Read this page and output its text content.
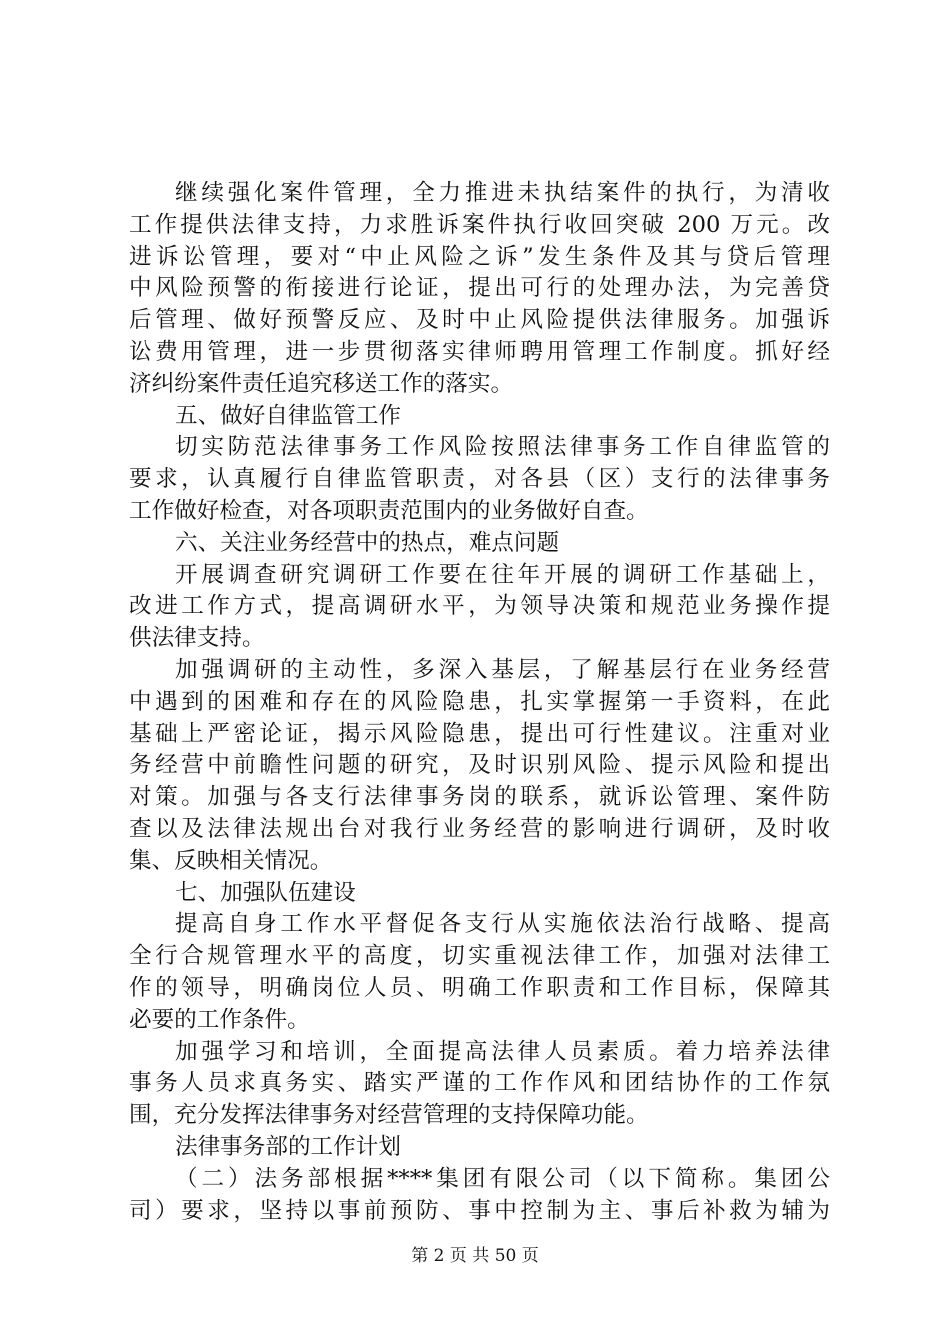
继续强化案件管理，全力推进未执结案件的执行，为清收
工作提供法律支持，力求胜诉案件执行收回突破 200 万元。改
进诉讼管理，要对“中止风险之诉”发生条件及其与贷后管理
中风险预警的衔接进行论证，提出可行的处理办法，为完善贷
后管理、做好预警反应、及时中止风险提供法律服务。加强诉
讼费用管理，进一步贯彻落实律师聘用管理工作制度。抓好经
济纠纷案件责任追究移送工作的落实。
五、做好自律监管工作
切实防范法律事务工作风险按照法律事务工作自律监管的
要求，认真履行自律监管职责，对各县（区）支行的法律事务
工作做好检查，对各项职责范围内的业务做好自查。
六、关注业务经营中的热点，难点问题
开展调查研究调研工作要在往年开展的调研工作基础上，
改进工作方式，提高调研水平，为领导决策和规范业务操作提
供法律支持。
加强调研的主动性，多深入基层，了解基层行在业务经营
中遇到的困难和存在的风险隐患，扎实掌握第一手资料，在此
基础上严密论证，揭示风险隐患，提出可行性建议。注重对业
务经营中前瞻性问题的研究，及时识别风险、提示风险和提出
对策。加强与各支行法律事务岗的联系，就诉讼管理、案件防
查以及法律法规出台对我行业务经营的影响进行调研，及时收
集、反映相关情况。
七、加强队伍建设
提高自身工作水平督促各支行从实施依法治行战略、提高
全行合规管理水平的高度，切实重视法律工作，加强对法律工
作的领导，明确岗位人员、明确工作职责和工作目标，保障其
必要的工作条件。
加强学习和培训，全面提高法律人员素质。着力培养法律
事务人员求真务实、踏实严谨的工作作风和团结协作的工作氛
围，充分发挥法律事务对经营管理的支持保障功能。
法律事务部的工作计划
（二）法务部根据****集团有限公司（以下简称。集团公
司）要求，坚持以事前预防、事中控制为主、事后补救为辅为
第 2 页 共 50 页
